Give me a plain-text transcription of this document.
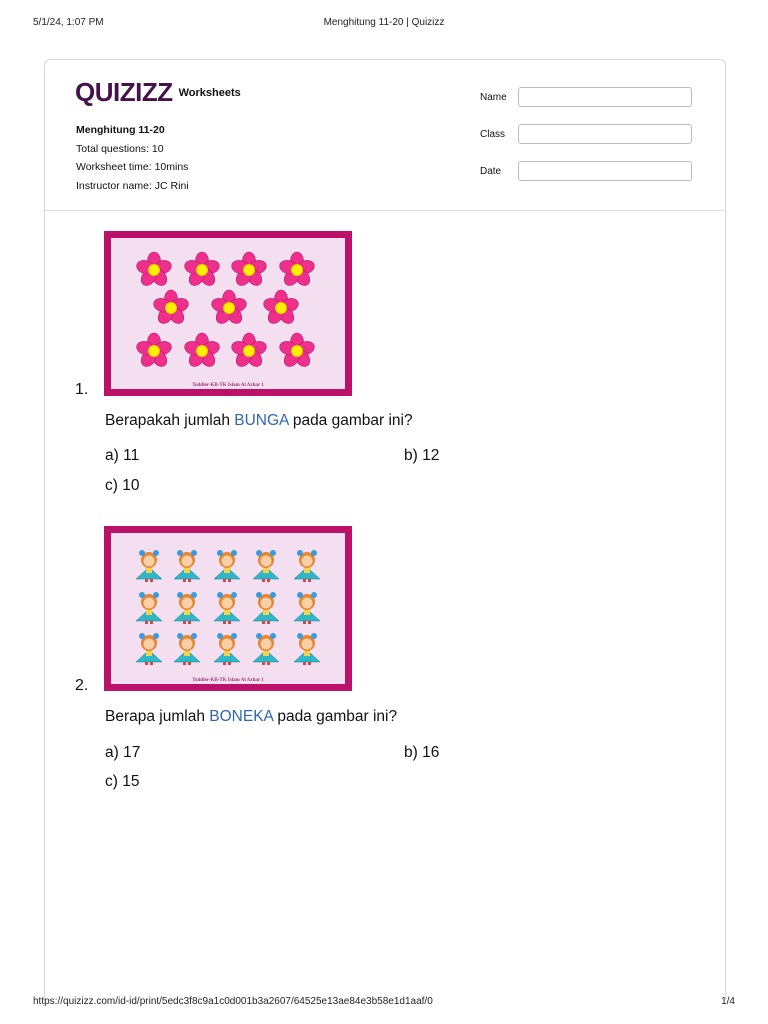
5/1/24, 1:07 PM	Menghitung 11-20 | Quizizz
QUIZIZZ Worksheets
Menghitung 11-20
Total questions: 10
Worksheet time: 10mins
Instructor name: JC Rini
Name
Class
Date
Toddler-KB-TK Islam Al Azhar 1
1.
Berapakah jumlah BUNGA pada gambar ini?
a) 11	b) 12
c) 10
Toddler-KB-TK Islam Al Azhar 1
2.
Berapa jumlah BONEKA pada gambar ini?
a) 17	b) 16
c) 15
https://quizizz.com/id-id/print/5edc3f8c9a1c0d001b3a2607/64525e13ae84e3b58e1d1aaf/0	1/4
